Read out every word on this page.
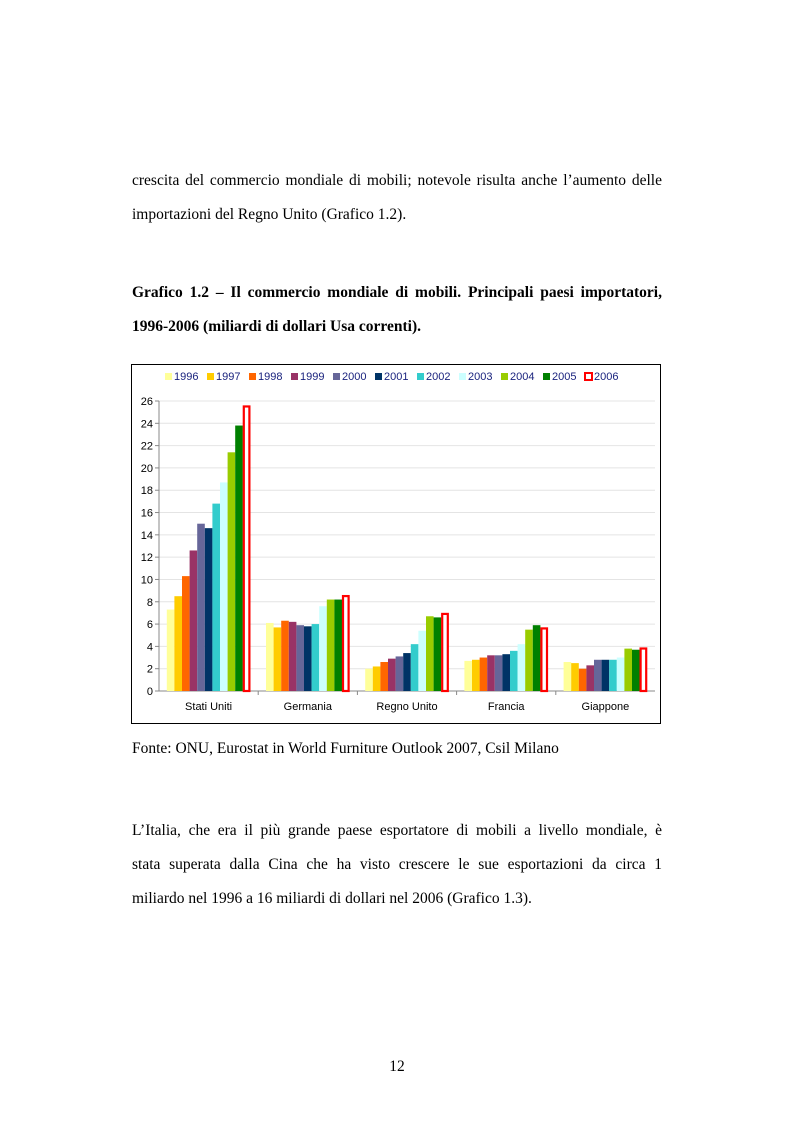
crescita del commercio mondiale di mobili; notevole risulta anche l’aumento delle
importazioni del Regno Unito (Grafico 1.2).

Grafico 1.2 – Il commercio mondiale di mobili. Principali paesi importatori,
1996-2006 (miliardi di dollari Usa correnti).

0
2
4
6
8
10
12
14
16
18
20
22
24
26
Stati Uniti	Germania	Regno Unito	Francia	Giappone
1996 1997 1998 1999 2000 2001 2002 2003 2004 2005 2006

Fonte: ONU, Eurostat in World Furniture Outlook 2007, Csil Milano

L’Italia, che era il più grande paese esportatore di mobili a livello mondiale, è
stata superata dalla Cina che ha visto crescere le sue esportazioni da circa 1
miliardo nel 1996 a 16 miliardi di dollari nel 2006 (Grafico 1.3).

12
